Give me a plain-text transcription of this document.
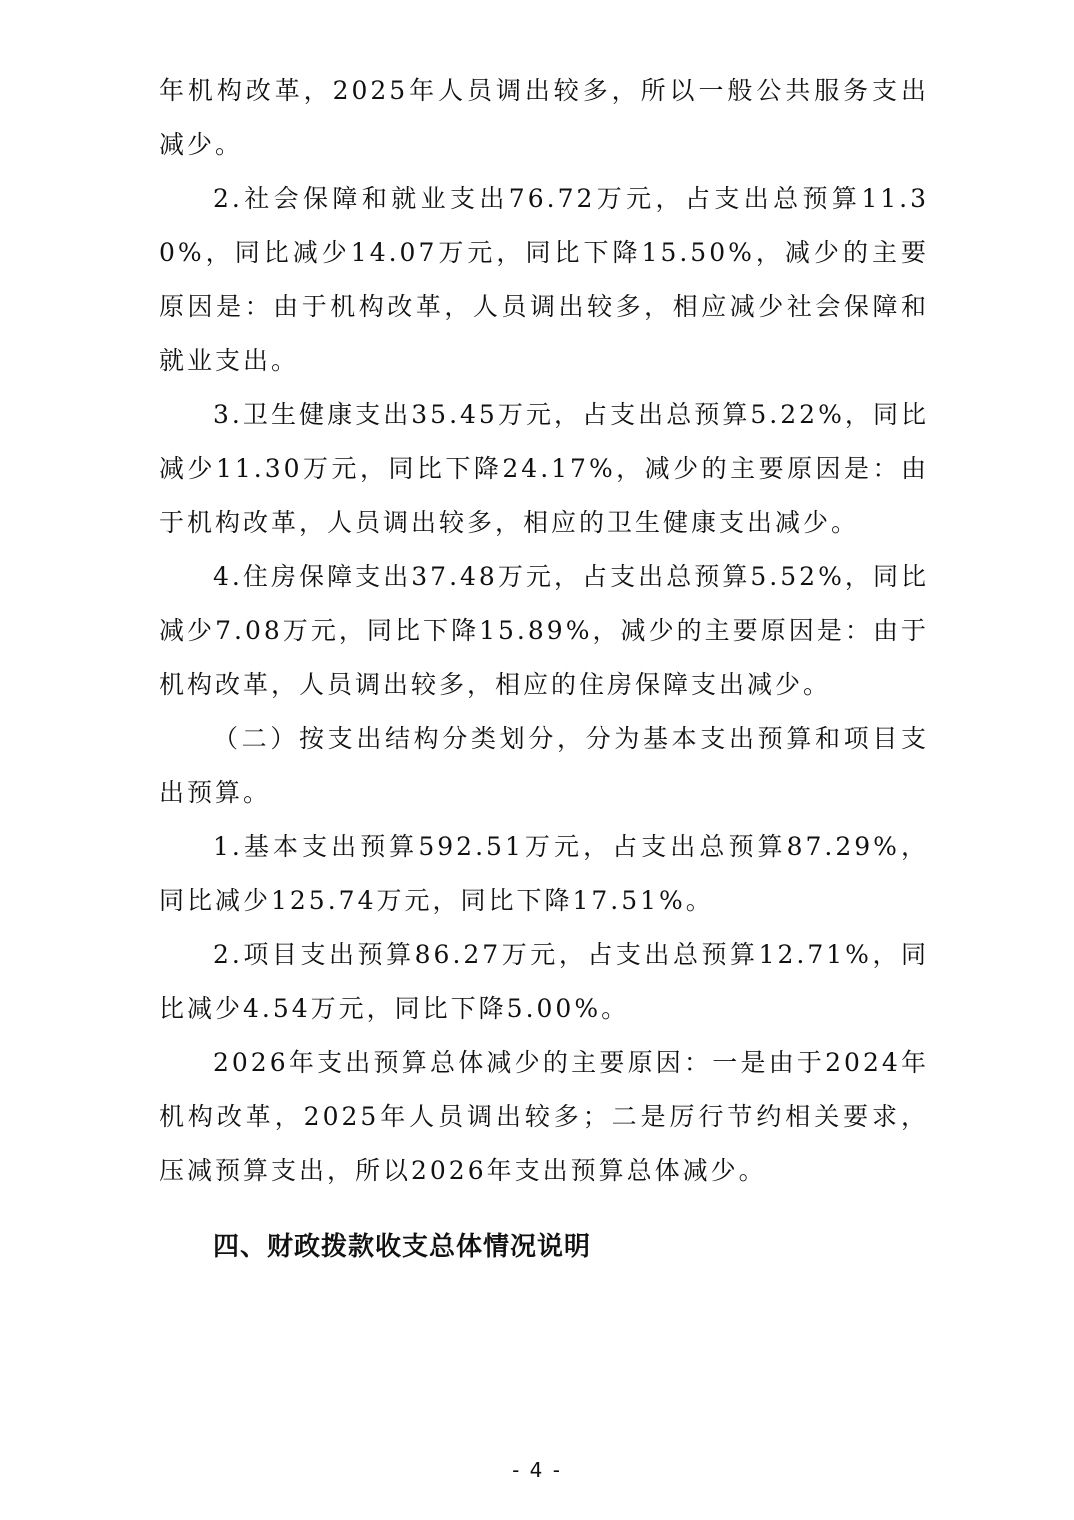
年机构改革，2025年人员调出较多，所以一般公共服务支出减少。

2.社会保障和就业支出76.72万元，占支出总预算11.30%，同比减少14.07万元，同比下降15.50%，减少的主要原因是：由于机构改革，人员调出较多，相应减少社会保障和就业支出。

3.卫生健康支出35.45万元，占支出总预算5.22%，同比减少11.30万元，同比下降24.17%，减少的主要原因是：由于机构改革，人员调出较多，相应的卫生健康支出减少。

4.住房保障支出37.48万元，占支出总预算5.52%，同比减少7.08万元，同比下降15.89%，减少的主要原因是：由于机构改革，人员调出较多，相应的住房保障支出减少。

（二）按支出结构分类划分，分为基本支出预算和项目支出预算。

1.基本支出预算592.51万元，占支出总预算87.29%，同比减少125.74万元，同比下降17.51%。

2.项目支出预算86.27万元，占支出总预算12.71%，同比减少4.54万元，同比下降5.00%。

2026年支出预算总体减少的主要原因：一是由于2024年机构改革，2025年人员调出较多；二是厉行节约相关要求，压减预算支出，所以2026年支出预算总体减少。

四、财政拨款收支总体情况说明
- 4 -
